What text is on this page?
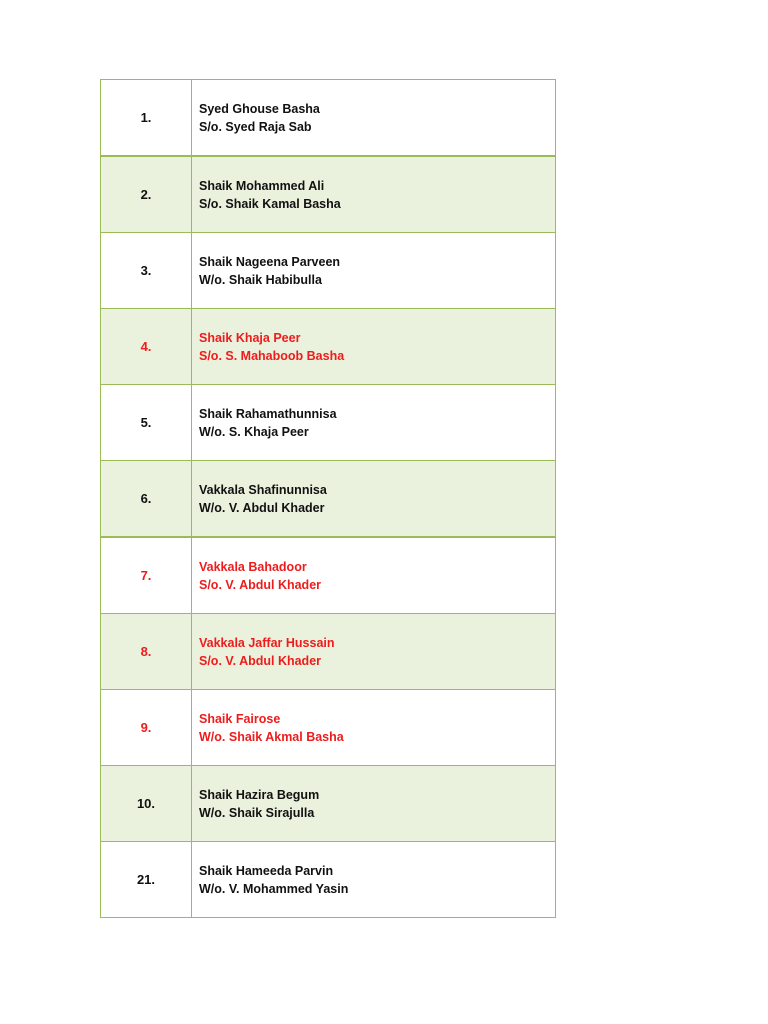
1.	Syed Ghouse Basha
S/o. Syed Raja Sab

2.	Shaik Mohammed Ali
S/o. Shaik Kamal Basha

3.	Shaik Nageena Parveen
W/o. Shaik Habibulla

4.	Shaik Khaja Peer
S/o. S. Mahaboob Basha

5.	Shaik Rahamathunnisa
W/o. S. Khaja Peer

6.	Vakkala Shafinunnisa
W/o. V. Abdul Khader

7.	Vakkala Bahadoor
S/o. V. Abdul Khader

8.	Vakkala Jaffar Hussain
S/o. V. Abdul Khader

9.	Shaik Fairose
W/o. Shaik Akmal Basha

10.	Shaik Hazira Begum
W/o. Shaik Sirajulla

21.	Shaik Hameeda Parvin
W/o. V. Mohammed Yasin
